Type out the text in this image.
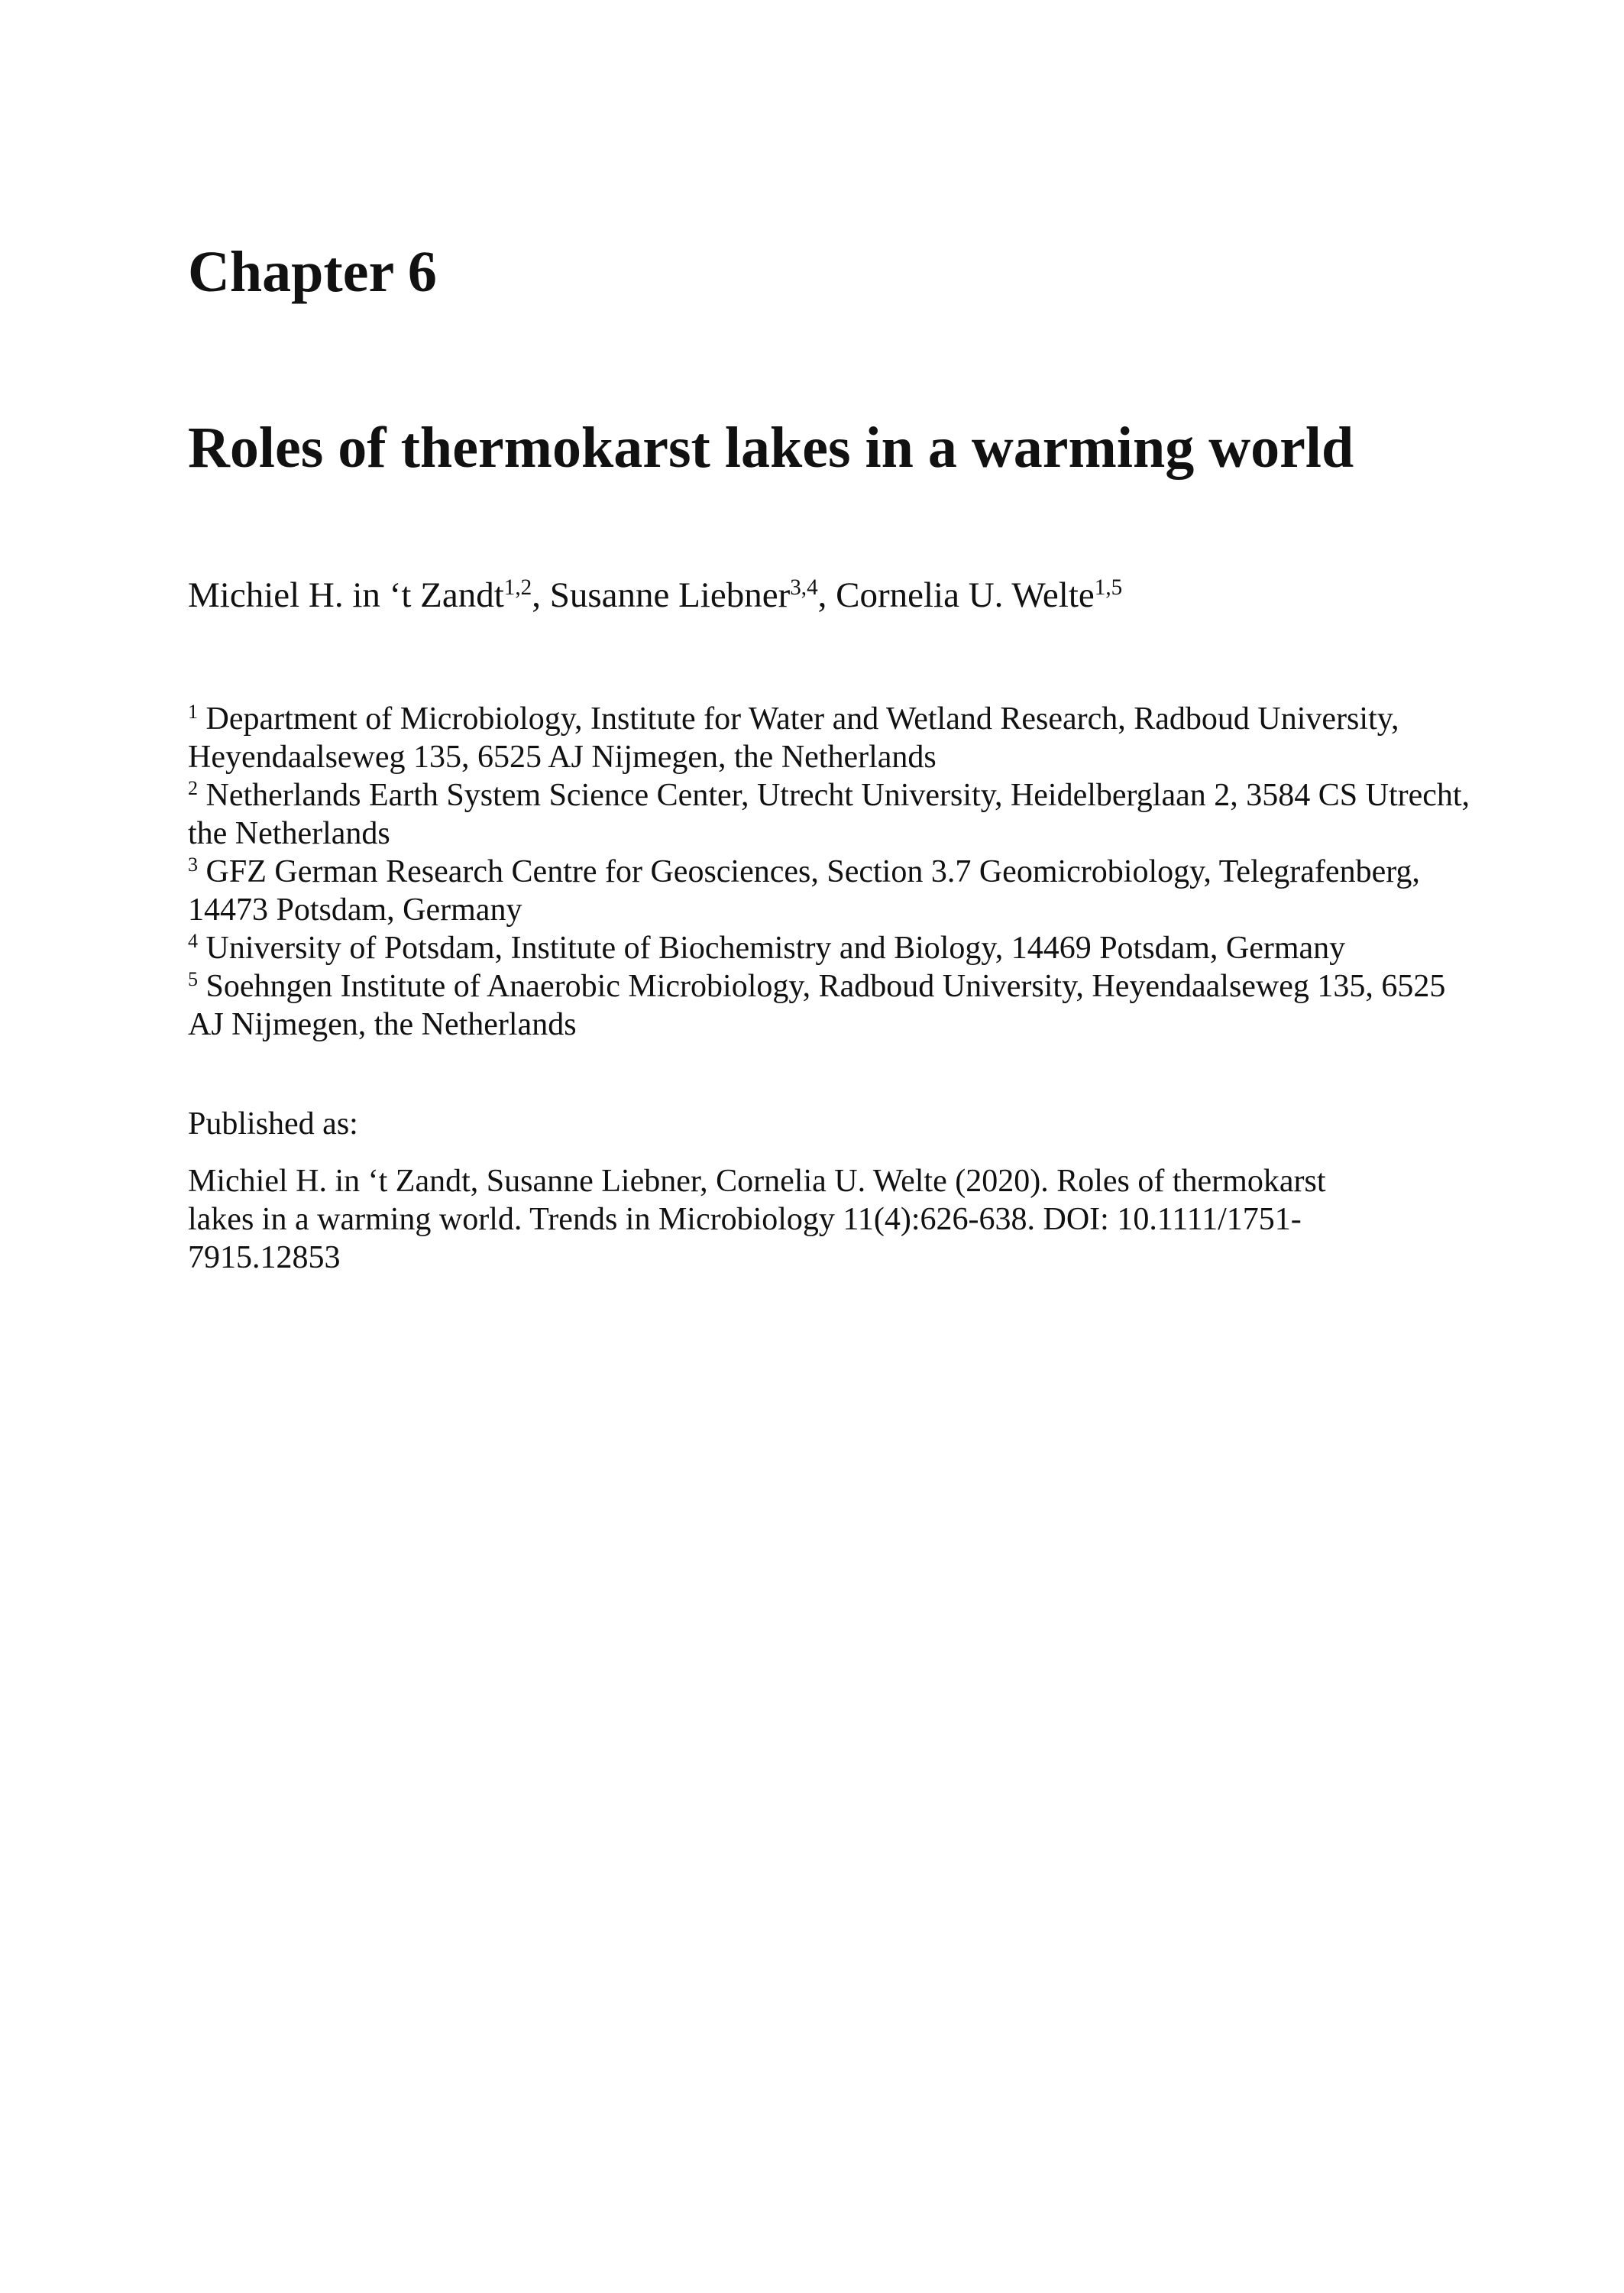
Chapter 6
Roles of thermokarst lakes in a warming world

Michiel H. in ‘t Zandt$^{1,2}$, Susanne Liebner$^{3,4}$, Cornelia U. Welte$^{1,5}$

$^1$ Department of Microbiology, Institute for Water and Wetland Research, Radboud University, Heyendaalseweg 135, 6525 AJ Nijmegen, the Netherlands

$^2$ Netherlands Earth System Science Center, Utrecht University, Heidelberglaan 2, 3584 CS Utrecht, the Netherlands

$^3$ GFZ German Research Centre for Geosciences, Section 3.7 Geomicrobiology, Telegrafenberg, 14473 Potsdam, Germany

$^4$ University of Potsdam, Institute of Biochemistry and Biology, 14469 Potsdam, Germany

$^5$ Soehngen Institute of Anaerobic Microbiology, Radboud University, Heyendaalseweg 135, 6525 AJ Nijmegen, the Netherlands

Published as:

Michiel H. in ‘t Zandt, Susanne Liebner, Cornelia U. Welte (2020). Roles of thermokarst lakes in a warming world. Trends in Microbiology 11(4):626-638. DOI: 10.1111/1751-7915.12853
